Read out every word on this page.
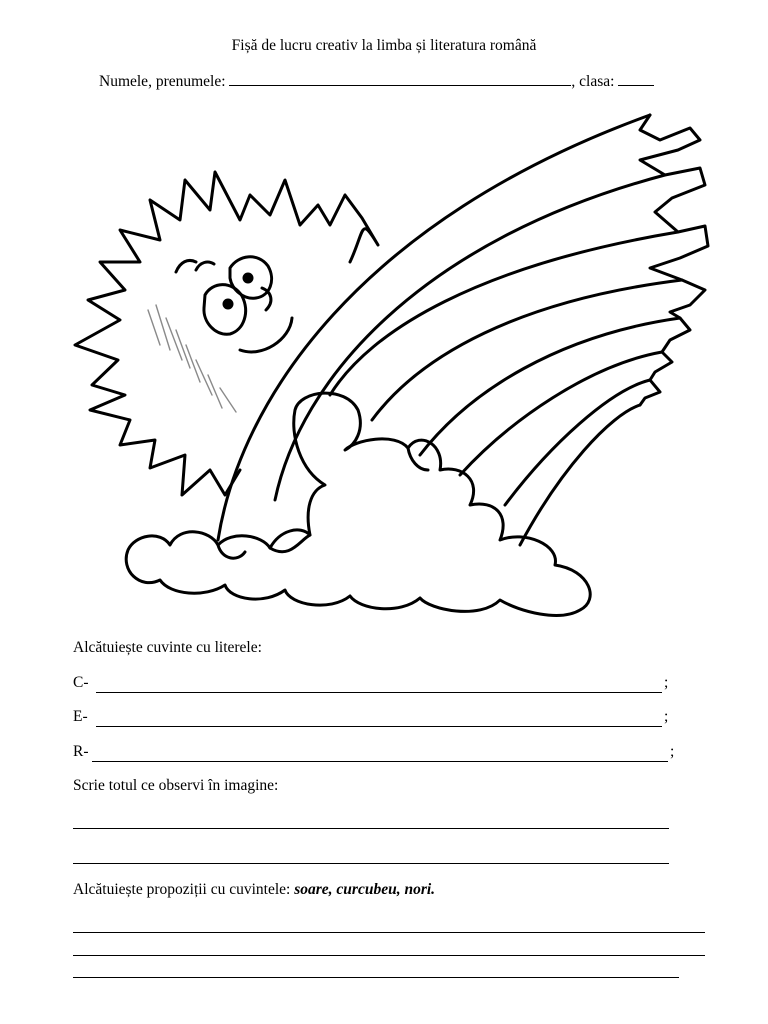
Fișă de lucru creativ la limba și literatura română
Numele, prenumele:	, clasa:
Alcătuiește cuvinte cu literele:
C-	;
E-	;
R-	;
Scrie totul ce observi în imagine:
Alcătuiește propoziții cu cuvintele: soare, curcubeu, nori.
